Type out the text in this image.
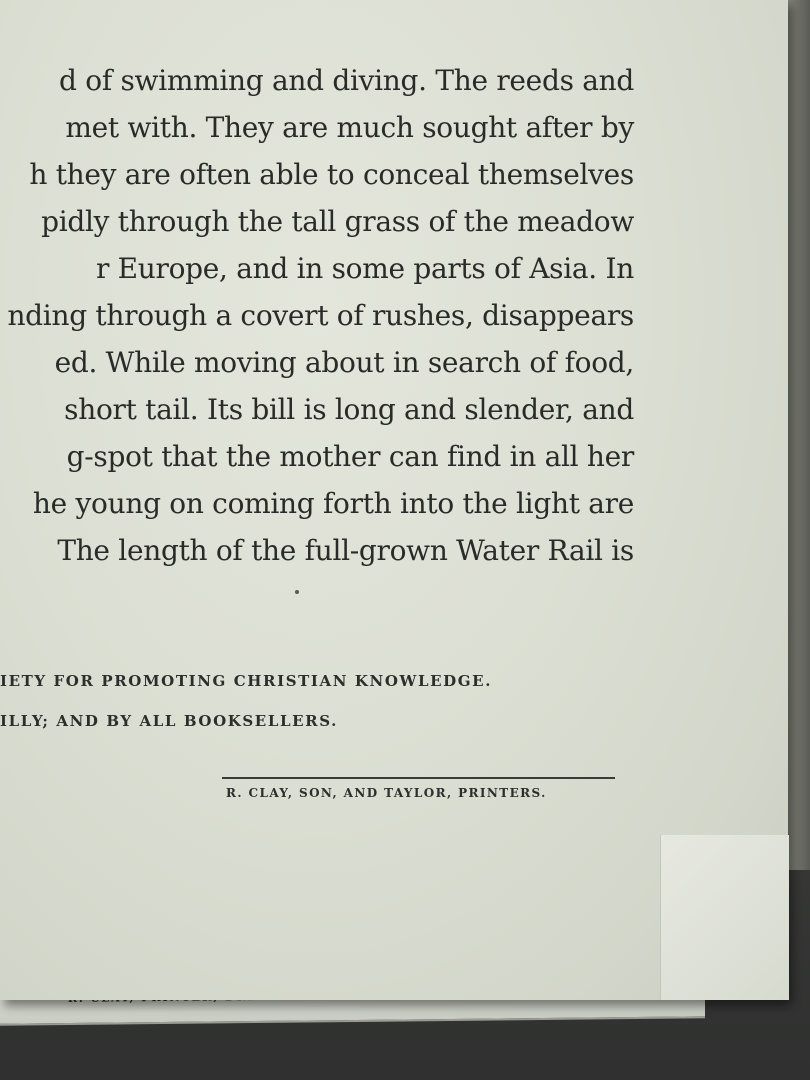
d of swimming and diving. The reeds and
met with. They are much sought after by
h they are often able to conceal themselves
pidly through the tall grass of the meadow
r Europe, and in some parts of Asia. In
nding through a covert of rushes, disappears
ed. While moving about in search of food,
short tail. Its bill is long and slender, and
g-spot that the mother can find in all her
he young on coming forth into the light are
The length of the full-grown Water Rail is
IETY FOR PROMOTING CHRISTIAN KNOWLEDGE.
ILLY; AND BY ALL BOOKSELLERS.
R. CLAY, SON, AND TAYLOR, PRINTERS.
